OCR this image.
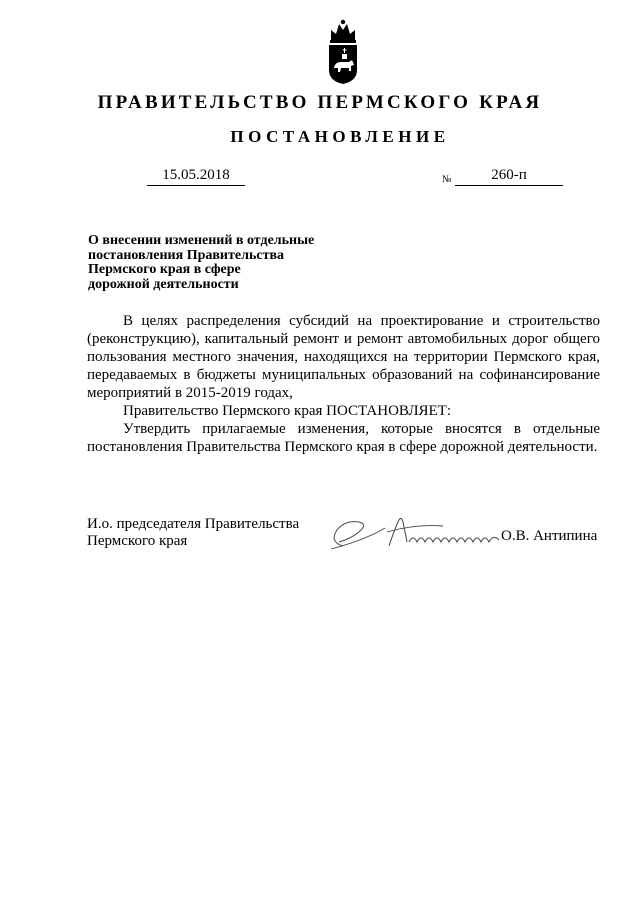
ПРАВИТЕЛЬСТВО ПЕРМСКОГО КРАЯ
ПОСТАНОВЛЕНИЕ
15.05.2018	№	260-п
О внесении изменений в отдельные
постановления Правительства
Пермского края в сфере
дорожной деятельности

В целях распределения субсидий на проектирование и строительство (реконструкцию), капитальный ремонт и ремонт автомобильных дорог общего пользования местного значения, находящихся на территории Пермского края, передаваемых в бюджеты муниципальных образований на софинансирование мероприятий в 2015-2019 годах,

Правительство Пермского края ПОСТАНОВЛЯЕТ:

Утвердить прилагаемые изменения, которые вносятся в отдельные постановления Правительства Пермского края в сфере дорожной деятельности.

И.о. председателя Правительства
Пермского края	О.В. Антипина
